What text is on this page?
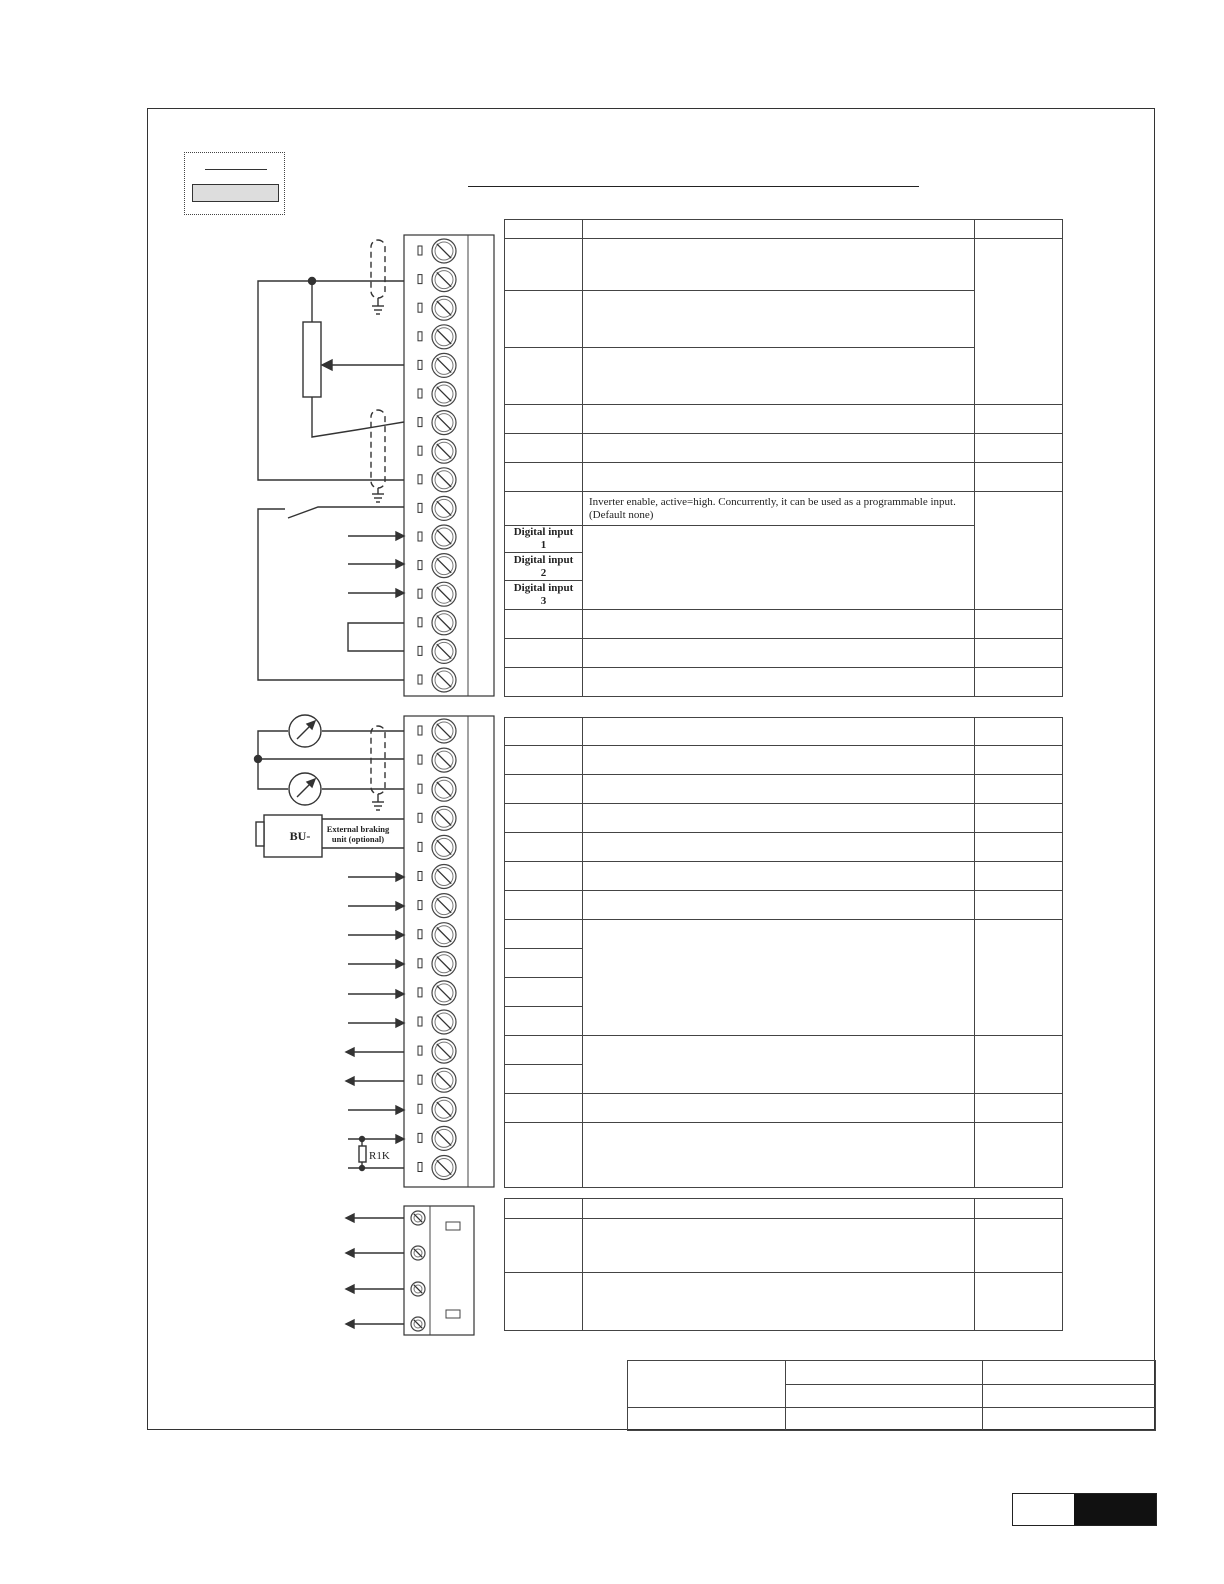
BU- External braking
unit (optional)
R1K

	Inverter enable, active=high. Concurrently, it can be used as a programmable input. (Default none)	
Digital input 1		
Digital input 2		
Digital input 3		
